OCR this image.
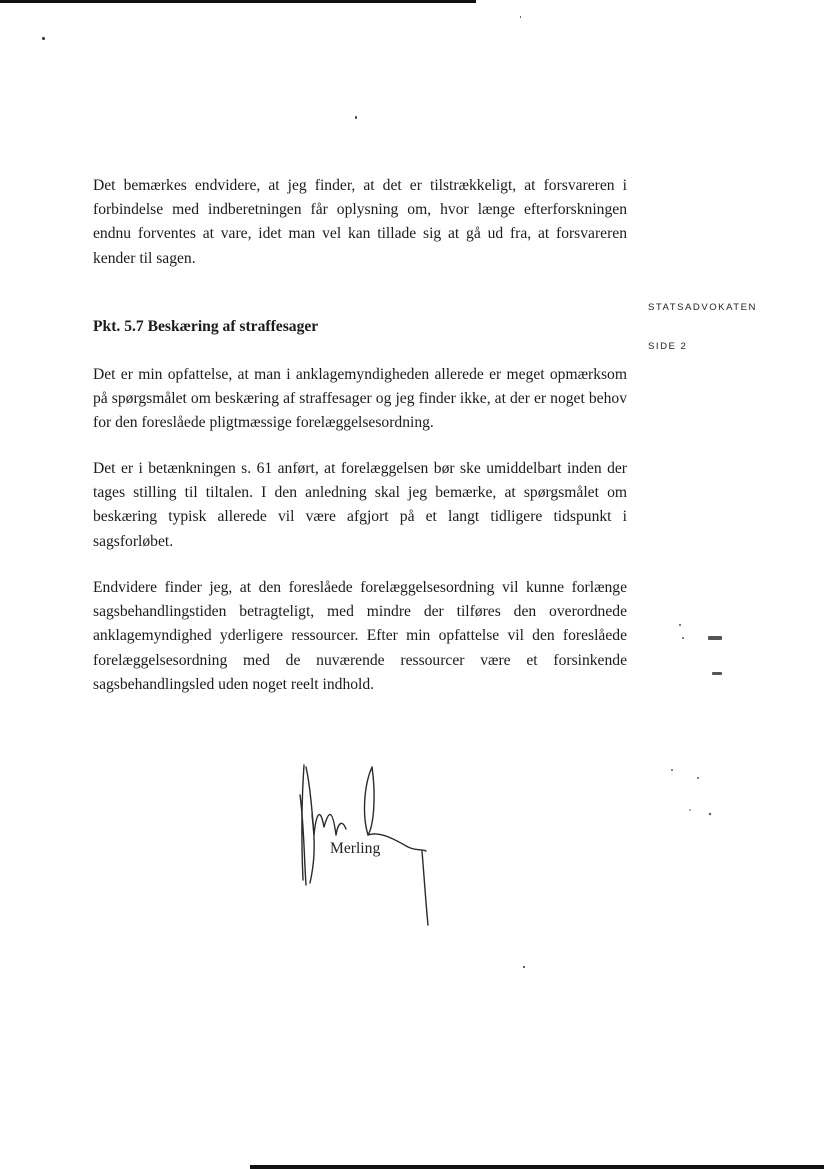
Det bemærkes endvidere, at jeg finder, at det er tilstrækkeligt, at forsvareren i forbindelse med indberetningen får oplysning om, hvor længe efterforskningen endnu forventes at vare, idet man vel kan tillade sig at gå ud fra, at forsvareren kender til sagen.

STATSADVOKATEN
SIDE 2
Pkt. 5.7 Beskæring af straffesager

Det er min opfattelse, at man i anklagemyndigheden allerede er meget opmærksom på spørgsmålet om beskæring af straffesager og jeg finder ikke, at der er noget behov for den foreslåede pligtmæssige forelæggelsesordning.

Det er i betænkningen s. 61 anført, at forelæggelsen bør ske umiddelbart inden der tages stilling til tiltalen. I den anledning skal jeg bemærke, at spørgsmålet om beskæring typisk allerede vil være afgjort på et langt tidligere tidspunkt i sagsforløbet.

Endvidere finder jeg, at den foreslåede forelæggelsesordning vil kunne forlænge sagsbehandlingstiden betragteligt, med mindre der tilføres den overordnede anklagemyndighed yderligere ressourcer. Efter min opfattelse vil den foreslåede forelæggelsesordning med de nuværende ressourcer være et forsinkende sagsbehandlingsled uden noget reelt indhold.

Merling
